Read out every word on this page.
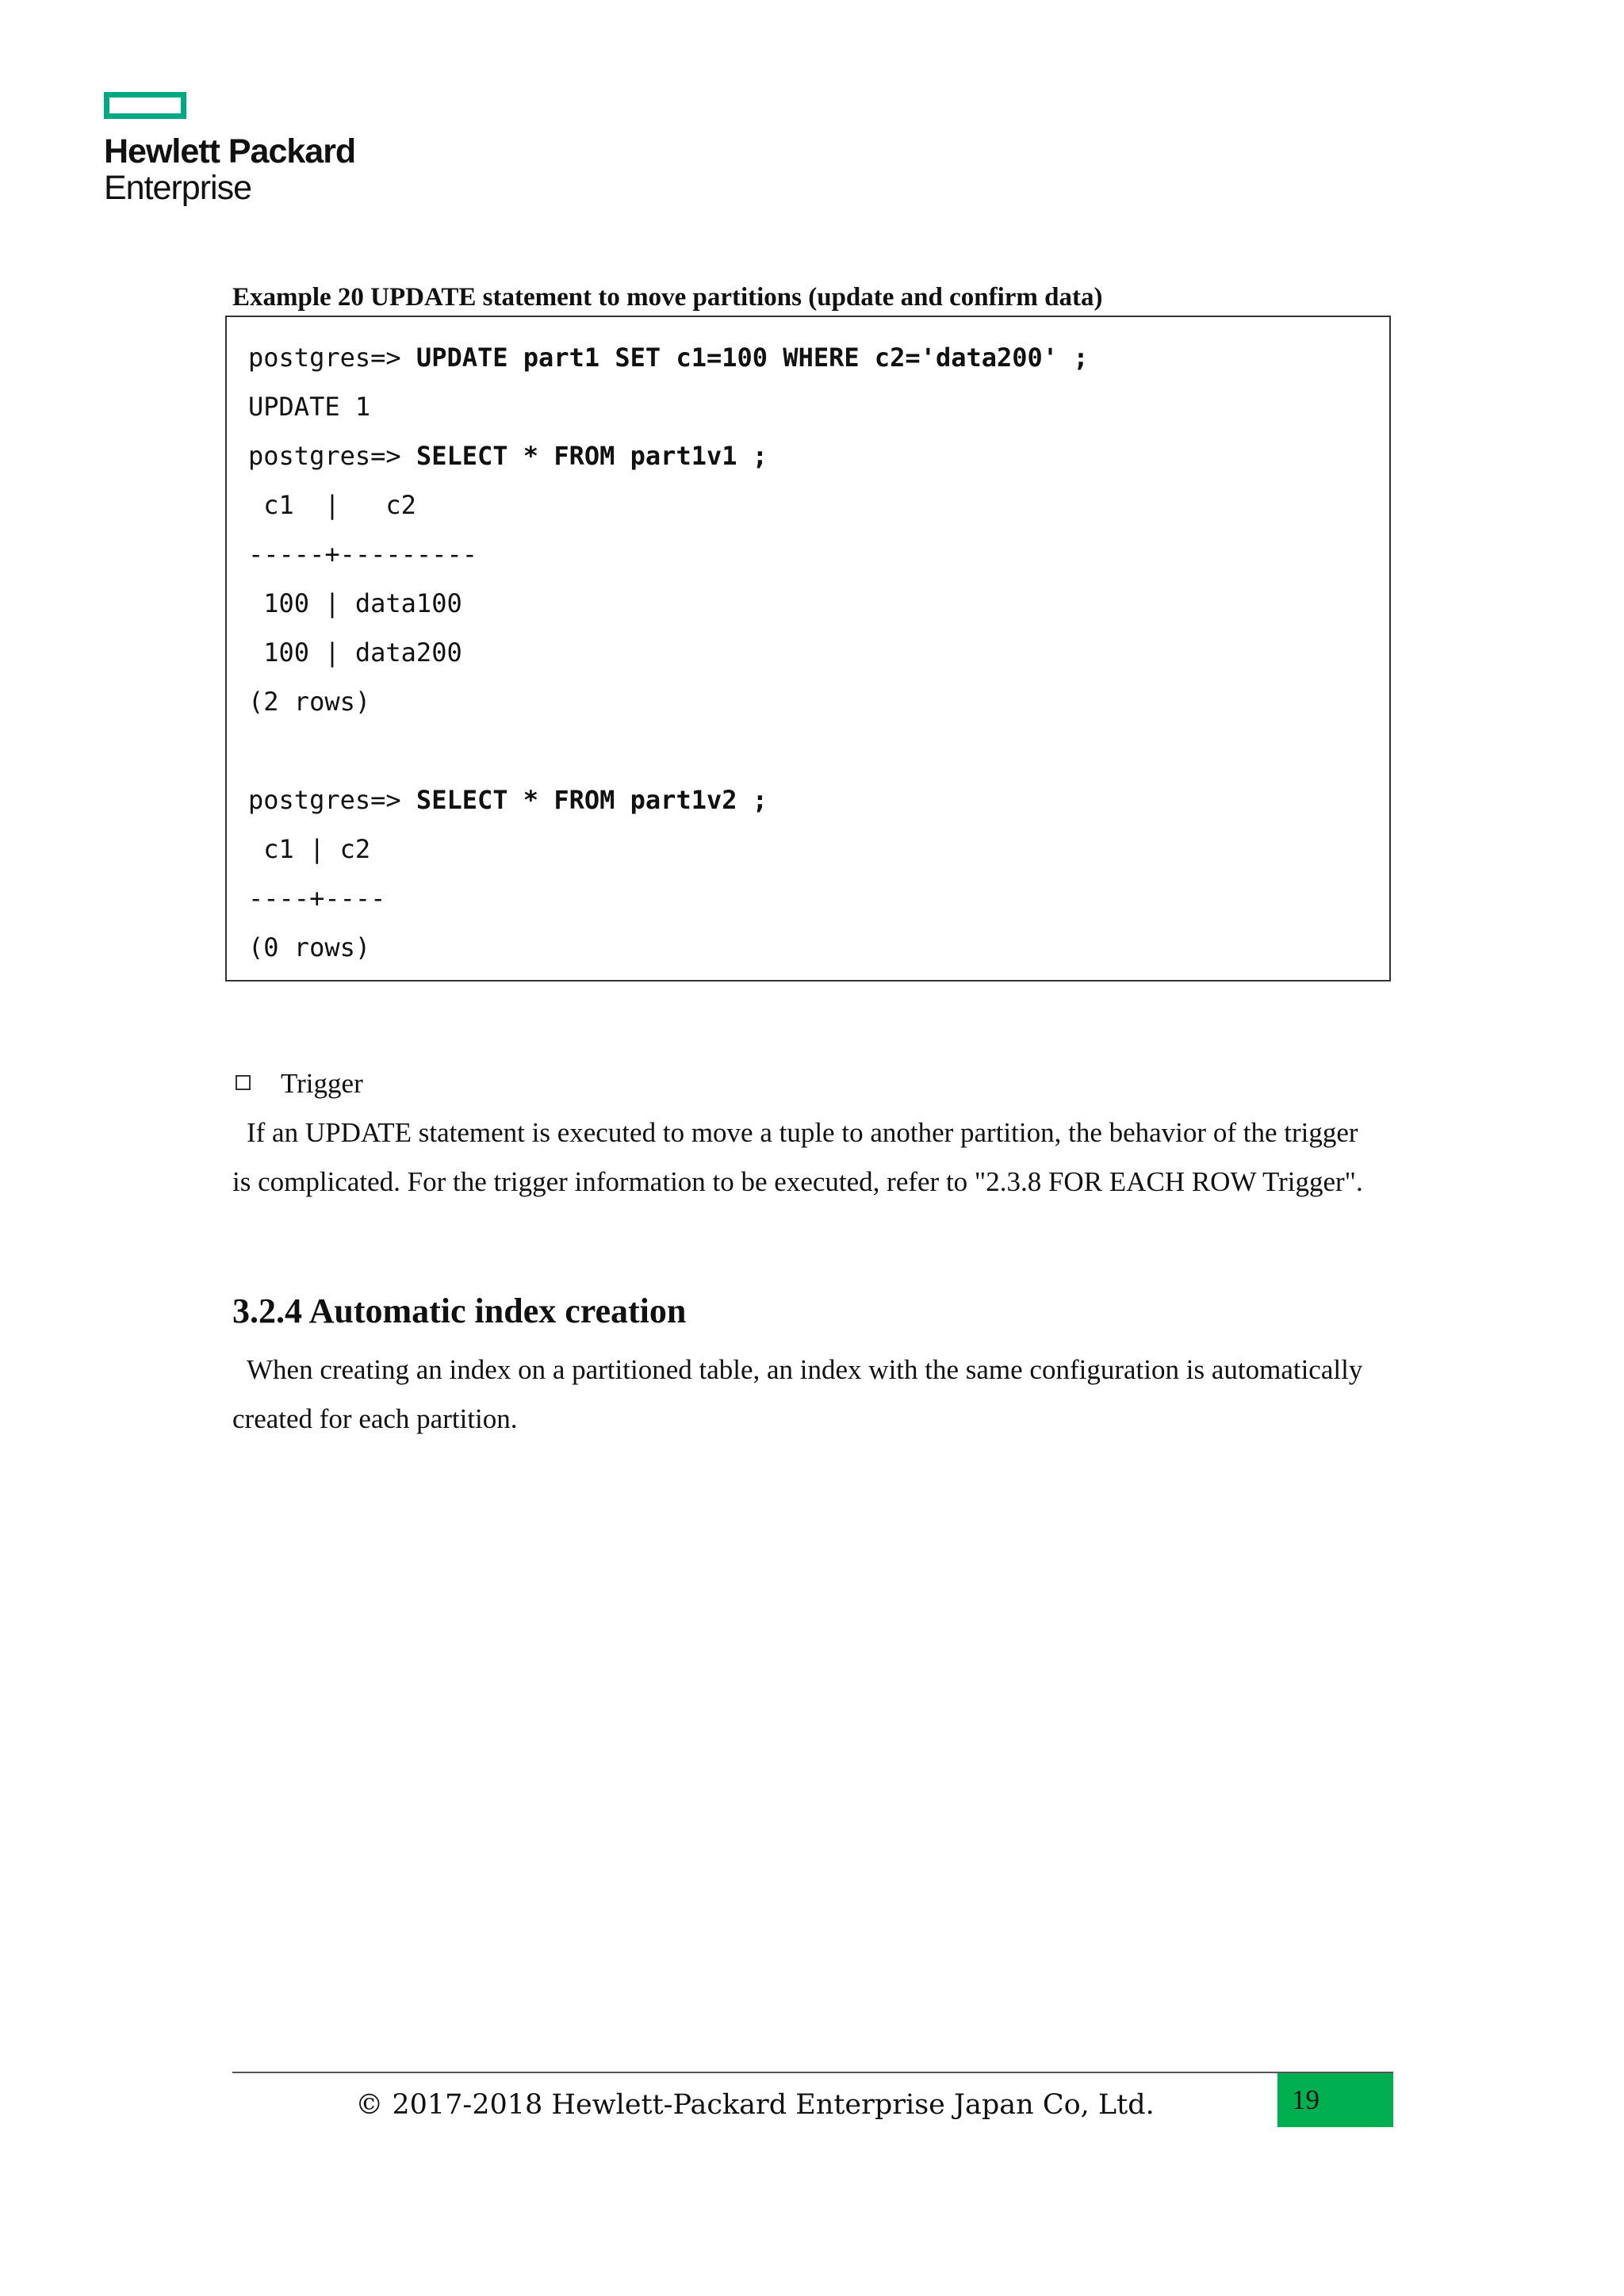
Hewlett Packard
Enterprise
Example 20 UPDATE statement to move partitions (update and confirm data)
postgres=> UPDATE part1 SET c1=100 WHERE c2='data200' ;
UPDATE 1
postgres=> SELECT * FROM part1v1 ;
c1  |   c2
-----+---------
100 | data100
100 | data200
(2 rows)
postgres=> SELECT * FROM part1v2 ;
c1 | c2
----+----
(0 rows)
Trigger
If an UPDATE statement is executed to move a tuple to another partition, the behavior of the trigger
is complicated. For the trigger information to be executed, refer to "2.3.8 FOR EACH ROW Trigger".
3.2.4 Automatic index creation
When creating an index on a partitioned table, an index with the same configuration is automatically
created for each partition.
© 2017-2018 Hewlett-Packard Enterprise Japan Co, Ltd.	19
